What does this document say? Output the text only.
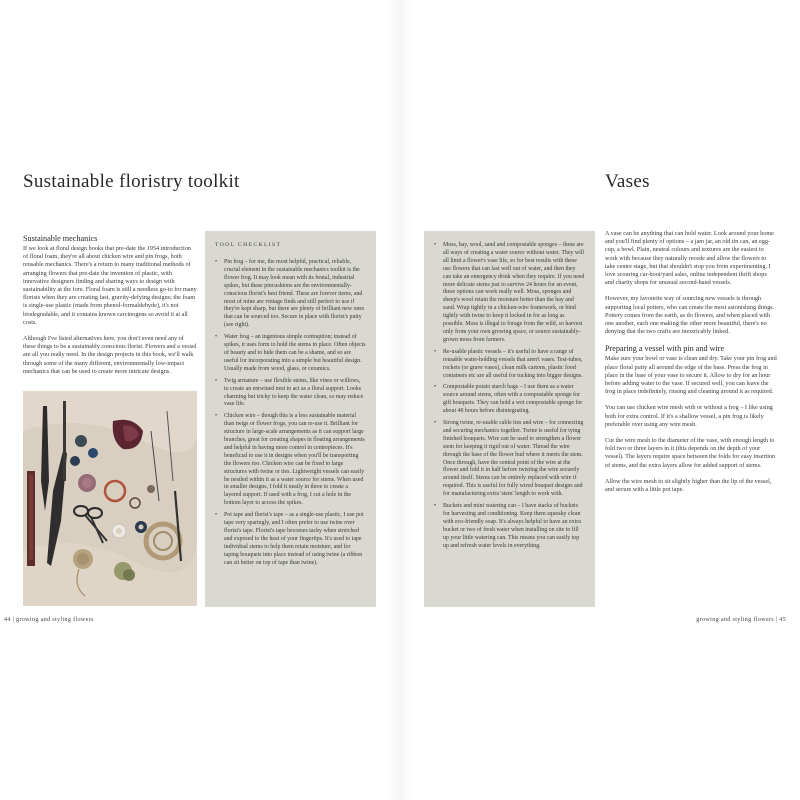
Sustainable floristry toolkit
Sustainable mechanics

If we look at floral design books that pre-date the 1954 introduction of floral foam, they're all about chicken wire and pin frogs, both reusable mechanics. There's a return to many traditional methods of arranging flowers that pre-date the invention of plastic, with innovative designers finding and sharing ways to design with sustainability at the fore. Floral foam is still a needless go-to for many florists when they are creating fast, gravity-defying designs; the foam is single-use plastic (made from phenol-formaldehyde), it's not biodegradable, and it contains known carcinogens so avoid it at all costs.

Although I've listed alternatives here, you don't even need any of these things to be a sustainably conscious florist. Flowers and a vessel are all you really need. In the design projects in this book, we'll walk through some of the many different, environmentally low-impact mechanics that can be used to create more intricate designs.

TOOL CHECKLIST
• Pin frog – for me, the most helpful, practical, reliable, crucial element in the sustainable mechanics toolkit is the flower frog. It may look mean with its brutal, industrial spikes, but these pincushions are the environmentally-conscious florist's best friend. These are forever items, and most of mine are vintage finds and still perfect to use if they're kept sharp, but there are plenty of brilliant new ones that can be sourced too. Secure in place with florist's putty (see right).
• Water frog – an ingenious simple contraption; instead of spikes, it uses form to hold the stems in place. Often objects of beauty and to hide them can be a shame, and so are useful for incorporating into a simple but beautiful design. Usually made from wood, glass, or ceramics.
• Twig armature – use flexible stems, like vines or willows, to create an entwined nest to act as a floral support. Looks charming but tricky to keep the water clean, so may reduce vase life.
• Chicken wire – though this is a less sustainable material than twigs or flower frogs, you can re-use it. Brilliant for structure in large-scale arrangements as it can support large branches, great for creating shapes in floating arrangements and helpful in having more control in centrepieces. It's beneficial to use it in designs when you'll be transporting the flowers too. Chicken wire can be fixed to large structures with twine or ties. Lightweight vessels can easily be nestled within it as a water source for stems. When used in smaller designs, I fold it neatly in three to create a layered support. If used with a frog, I cut a hole in the bottom layer to access the spikes.
• Pot tape and florist's tape – as a single-use plastic, I use pot tape very sparingly, and I often prefer to use twine over florist's tape. Florist's tape becomes tacky when stretched and exposed to the heat of your fingertips. It's used to tape individual stems to help them retain moisture, and for taping bouquets into place instead of using twine (a ribbon can sit better on top of tape than twine).
44 | growing and styling flowers
• Moss, hay, wool, sand and compostable sponges – these are all ways of creating a water source without water. They will all limit a flower's vase life, so for best results with these use flowers that can last well out of water, and then they can take an emergency drink when they require. If you need more delicate stems just to survive 24 hours for an event, these options can work really well. Moss, sponges and sheep's wool retain the moisture better than the hay and sand. Wrap tightly in a chicken-wire framework, or bind tightly with twine to keep it locked in for as long as possible. Moss is illegal to forage from the wild, so harvest only from your own growing space, or source sustainably-grown moss from farmers.
• Re-usable plastic vessels – it's useful to have a range of reusable water-holding vessels that aren't vases. Test-tubes, rockets (or grave vases), clean milk cartons, plastic food containers etc are all useful for tucking into bigger designs.
• Compostable potato starch bags – I use them as a water source around stems, often with a compostable sponge for gift bouquets. They can hold a wet compostable sponge for about 48 hours before disintegrating.
• Strong twine, re-usable cable ties and wire – for connecting and securing mechanics together. Twine is useful for tying finished bouquets. Wire can be used to strengthen a flower stem for keeping it rigid out of water. Thread the wire through the base of the flower bud where it meets the stem. Once through, have the central point of the wire at the flower and fold it in half before twisting the wire securely around itself. Stems can be entirely replaced with wire if required. This is useful for fully wired bouquet designs and for manufacturing extra 'stem' length to work with.
• Buckets and mini watering can – I have stacks of buckets for harvesting and conditioning. Keep them squeaky clean with eco-friendly soap. It's always helpful to have an extra bucket or two of fresh water when installing on site to fill up your little watering can. This means you can easily top up and refresh water levels in everything.
Vases

A vase can be anything that can hold water. Look around your home and you'll find plenty of options – a jam jar, an old tin can, an egg-cup, a bowl. Plain, neutral colours and textures are the easiest to work with because they naturally recede and allow the flowers to take centre stage, but that shouldn't stop you from experimenting. I love scouring car-boot/yard sales, online independent thrift shops and charity shops for unusual second-hand vessels.

However, my favourite way of sourcing new vessels is through supporting local potters, who can create the most astonishing things. Pottery comes from the earth, as do flowers, and when placed with one another, each one making the other more beautiful, there's no denying that the two crafts are inextricably linked.

Preparing a vessel with pin and wire

Make sure your bowl or vase is clean and dry. Take your pin frog and place floral putty all around the edge of the base. Press the frog in place in the base of your vase to secure it. Allow to dry for an hour before adding water to the vase. If secured well, you can leave the frog in place indefinitely, rinsing and cleaning around it as required.

You can use chicken wire mesh with or without a frog – I like using both for extra control. If it's a shallow vessel, a pin frog is likely preferable over using any wire mesh.

Cut the wire mesh to the diameter of the vase, with enough length to fold two or three layers in it (this depends on the depth of your vessel). The layers require space between the folds for easy insertion of stems, and the extra layers allow for added support of stems.

Allow the wire mesh to sit slightly higher than the lip of the vessel, and secure with a little pot tape.

growing and styling flowers | 45
